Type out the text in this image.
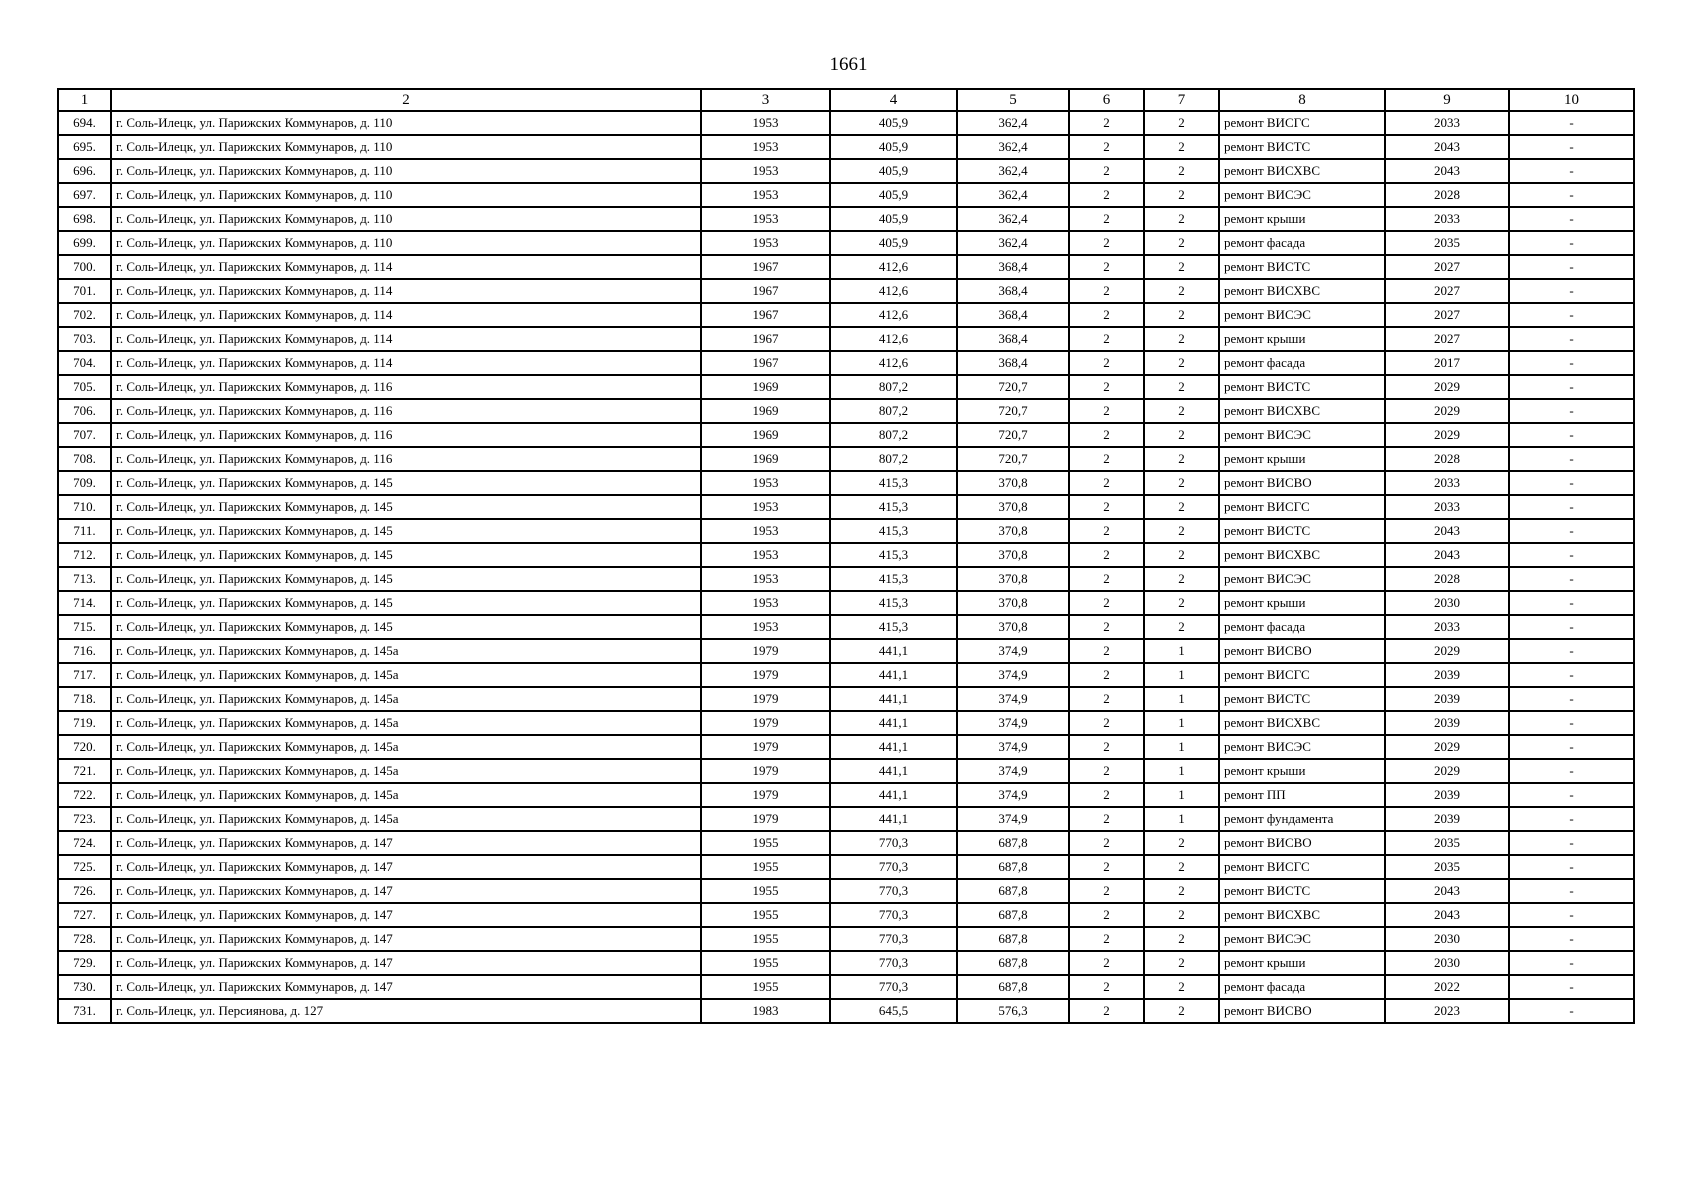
1661
1	2	3	4	5	6	7	8	9	10
694.	г. Соль-Илецк, ул. Парижских Коммунаров, д. 110	1953	405,9	362,4	2	2	ремонт ВИСГС	2033	-
695.	г. Соль-Илецк, ул. Парижских Коммунаров, д. 110	1953	405,9	362,4	2	2	ремонт ВИСТС	2043	-
696.	г. Соль-Илецк, ул. Парижских Коммунаров, д. 110	1953	405,9	362,4	2	2	ремонт ВИСХВС	2043	-
697.	г. Соль-Илецк, ул. Парижских Коммунаров, д. 110	1953	405,9	362,4	2	2	ремонт ВИСЭС	2028	-
698.	г. Соль-Илецк, ул. Парижских Коммунаров, д. 110	1953	405,9	362,4	2	2	ремонт крыши	2033	-
699.	г. Соль-Илецк, ул. Парижских Коммунаров, д. 110	1953	405,9	362,4	2	2	ремонт фасада	2035	-
700.	г. Соль-Илецк, ул. Парижских Коммунаров, д. 114	1967	412,6	368,4	2	2	ремонт ВИСТС	2027	-
701.	г. Соль-Илецк, ул. Парижских Коммунаров, д. 114	1967	412,6	368,4	2	2	ремонт ВИСХВС	2027	-
702.	г. Соль-Илецк, ул. Парижских Коммунаров, д. 114	1967	412,6	368,4	2	2	ремонт ВИСЭС	2027	-
703.	г. Соль-Илецк, ул. Парижских Коммунаров, д. 114	1967	412,6	368,4	2	2	ремонт крыши	2027	-
704.	г. Соль-Илецк, ул. Парижских Коммунаров, д. 114	1967	412,6	368,4	2	2	ремонт фасада	2017	-
705.	г. Соль-Илецк, ул. Парижских Коммунаров, д. 116	1969	807,2	720,7	2	2	ремонт ВИСТС	2029	-
706.	г. Соль-Илецк, ул. Парижских Коммунаров, д. 116	1969	807,2	720,7	2	2	ремонт ВИСХВС	2029	-
707.	г. Соль-Илецк, ул. Парижских Коммунаров, д. 116	1969	807,2	720,7	2	2	ремонт ВИСЭС	2029	-
708.	г. Соль-Илецк, ул. Парижских Коммунаров, д. 116	1969	807,2	720,7	2	2	ремонт крыши	2028	-
709.	г. Соль-Илецк, ул. Парижских Коммунаров, д. 145	1953	415,3	370,8	2	2	ремонт ВИСВО	2033	-
710.	г. Соль-Илецк, ул. Парижских Коммунаров, д. 145	1953	415,3	370,8	2	2	ремонт ВИСГС	2033	-
711.	г. Соль-Илецк, ул. Парижских Коммунаров, д. 145	1953	415,3	370,8	2	2	ремонт ВИСТС	2043	-
712.	г. Соль-Илецк, ул. Парижских Коммунаров, д. 145	1953	415,3	370,8	2	2	ремонт ВИСХВС	2043	-
713.	г. Соль-Илецк, ул. Парижских Коммунаров, д. 145	1953	415,3	370,8	2	2	ремонт ВИСЭС	2028	-
714.	г. Соль-Илецк, ул. Парижских Коммунаров, д. 145	1953	415,3	370,8	2	2	ремонт крыши	2030	-
715.	г. Соль-Илецк, ул. Парижских Коммунаров, д. 145	1953	415,3	370,8	2	2	ремонт фасада	2033	-
716.	г. Соль-Илецк, ул. Парижских Коммунаров, д. 145а	1979	441,1	374,9	2	1	ремонт ВИСВО	2029	-
717.	г. Соль-Илецк, ул. Парижских Коммунаров, д. 145а	1979	441,1	374,9	2	1	ремонт ВИСГС	2039	-
718.	г. Соль-Илецк, ул. Парижских Коммунаров, д. 145а	1979	441,1	374,9	2	1	ремонт ВИСТС	2039	-
719.	г. Соль-Илецк, ул. Парижских Коммунаров, д. 145а	1979	441,1	374,9	2	1	ремонт ВИСХВС	2039	-
720.	г. Соль-Илецк, ул. Парижских Коммунаров, д. 145а	1979	441,1	374,9	2	1	ремонт ВИСЭС	2029	-
721.	г. Соль-Илецк, ул. Парижских Коммунаров, д. 145а	1979	441,1	374,9	2	1	ремонт крыши	2029	-
722.	г. Соль-Илецк, ул. Парижских Коммунаров, д. 145а	1979	441,1	374,9	2	1	ремонт ПП	2039	-
723.	г. Соль-Илецк, ул. Парижских Коммунаров, д. 145а	1979	441,1	374,9	2	1	ремонт фундамента	2039	-
724.	г. Соль-Илецк, ул. Парижских Коммунаров, д. 147	1955	770,3	687,8	2	2	ремонт ВИСВО	2035	-
725.	г. Соль-Илецк, ул. Парижских Коммунаров, д. 147	1955	770,3	687,8	2	2	ремонт ВИСГС	2035	-
726.	г. Соль-Илецк, ул. Парижских Коммунаров, д. 147	1955	770,3	687,8	2	2	ремонт ВИСТС	2043	-
727.	г. Соль-Илецк, ул. Парижских Коммунаров, д. 147	1955	770,3	687,8	2	2	ремонт ВИСХВС	2043	-
728.	г. Соль-Илецк, ул. Парижских Коммунаров, д. 147	1955	770,3	687,8	2	2	ремонт ВИСЭС	2030	-
729.	г. Соль-Илецк, ул. Парижских Коммунаров, д. 147	1955	770,3	687,8	2	2	ремонт крыши	2030	-
730.	г. Соль-Илецк, ул. Парижских Коммунаров, д. 147	1955	770,3	687,8	2	2	ремонт фасада	2022	-
731.	г. Соль-Илецк, ул. Персиянова, д. 127	1983	645,5	576,3	2	2	ремонт ВИСВО	2023	-
